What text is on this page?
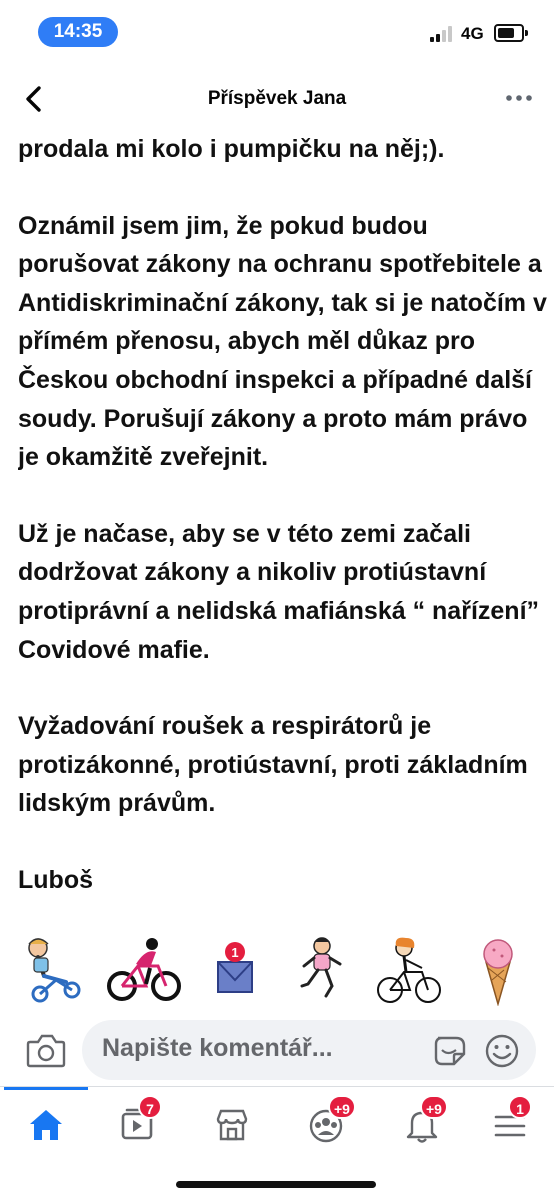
14:35	4G
Příspěvek Jana

prodala mi kolo i pumpičku na něj;).

Oznámil jsem jim, že pokud budou porušovat zákony na ochranu spotřebitele a Antidiskriminační zákony, tak si je natočím v přímém přenosu, abych měl důkaz pro Českou obchodní inspekci a případné další soudy. Porušují zákony a proto mám právo je okamžitě zveřejnit.

Už je načase, aby se v této zemi začali dodržovat zákony a nikoliv protiústavní protiprávní a nelidská mafiánská “ nařízení” Covidové mafie.

Vyžadování roušek a respirátorů je protizákonné, protiústavní, proti základním lidským právům.

Luboš

1
Napište komentář...
7	+9	+9	1
